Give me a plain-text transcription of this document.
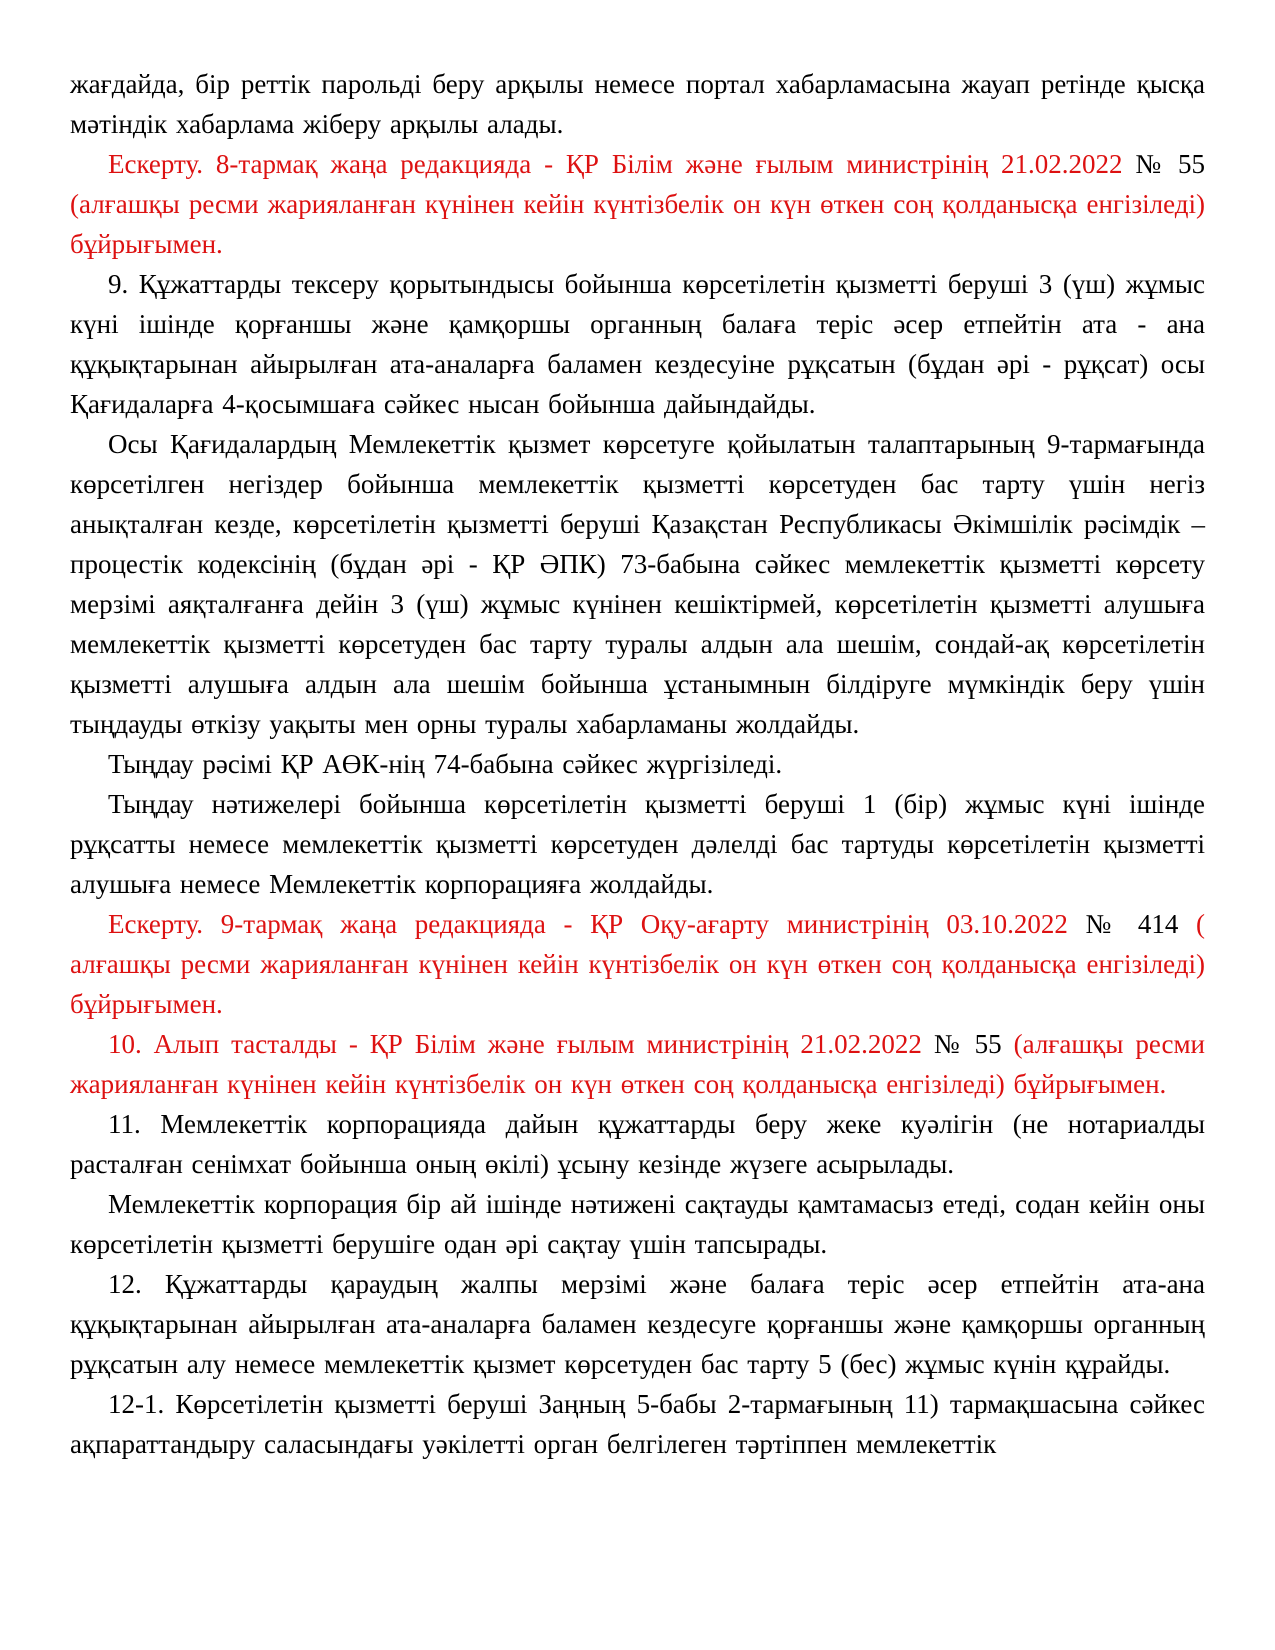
жағдайда, бір реттік парольді беру арқылы немесе портал хабарламасына жауап ретінде қысқа мәтіндік хабарлама жіберу арқылы алады.

Ескерту. 8-тармақ жаңа редакцияда - ҚР Білім және ғылым министрінің 21.02.2022 № 55 (алғашқы ресми жарияланған күнінен кейін күнтізбелік он күн өткен соң қолданысқа енгізіледі) бұйрығымен.

9. Құжаттарды тексеру қорытындысы бойынша көрсетілетін қызметті беруші 3 (үш) жұмыс күні ішінде қорғаншы және қамқоршы органның балаға теріс әсер етпейтін ата - ана құқықтарынан айырылған ата-аналарға баламен кездесуіне рұқсатын (бұдан әрі - рұқсат) осы Қағидаларға 4-қосымшаға сәйкес нысан бойынша дайындайды.

Осы Қағидалардың Мемлекеттік қызмет көрсетуге қойылатын талаптарының 9-тармағында көрсетілген негіздер бойынша мемлекеттік қызметті көрсетуден бас тарту үшін негіз анықталған кезде, көрсетілетін қызметті беруші Қазақстан Республикасы Әкімшілік рәсімдік – процестік кодексінің (бұдан әрі - ҚР ӘПК) 73-бабына сәйкес мемлекеттік қызметті көрсету мерзімі аяқталғанға дейін 3 (үш) жұмыс күнінен кешіктірмей, көрсетілетін қызметті алушыға мемлекеттік қызметті көрсетуден бас тарту туралы алдын ала шешім, сондай-ақ көрсетілетін қызметті алушыға алдын ала шешім бойынша ұстанымнын білдіруге мүмкіндік беру үшін тыңдауды өткізу уақыты мен орны туралы хабарламаны жолдайды.

Тыңдау рәсімі ҚР АӨК-нің 74-бабына сәйкес жүргізіледі.

Тыңдау нәтижелері бойынша көрсетілетін қызметті беруші 1 (бір) жұмыс күні ішінде рұқсатты немесе мемлекеттік қызметті көрсетуден дәлелді бас тартуды көрсетілетін қызметті алушыға немесе Мемлекеттік корпорацияға жолдайды.

Ескерту. 9-тармақ жаңа редакцияда - ҚР Оқу-ағарту министрінің 03.10.2022 № 414 ( алғашқы ресми жарияланған күнінен кейін күнтізбелік он күн өткен соң қолданысқа енгізіледі) бұйрығымен.

10. Алып тасталды - ҚР Білім және ғылым министрінің 21.02.2022 № 55 (алғашқы ресми жарияланған күнінен кейін күнтізбелік он күн өткен соң қолданысқа енгізіледі) бұйрығымен.

11. Мемлекеттік корпорацияда дайын құжаттарды беру жеке куәлігін (не нотариалды расталған сенімхат бойынша оның өкілі) ұсыну кезінде жүзеге асырылады.

Мемлекеттік корпорация бір ай ішінде нәтижені сақтауды қамтамасыз етеді, содан кейін оны көрсетілетін қызметті берушіге одан әрі сақтау үшін тапсырады.

12. Құжаттарды қараудың жалпы мерзімі және балаға теріс әсер етпейтін ата-ана құқықтарынан айырылған ата-аналарға баламен кездесуге қорғаншы және қамқоршы органның рұқсатын алу немесе мемлекеттік қызмет көрсетуден бас тарту 5 (бес) жұмыс күнін құрайды.

12-1. Көрсетілетін қызметті беруші Заңның 5-бабы 2-тармағының 11) тармақшасына сәйкес ақпараттандыру саласындағы уәкілетті орган белгілеген тәртіппен мемлекеттік
